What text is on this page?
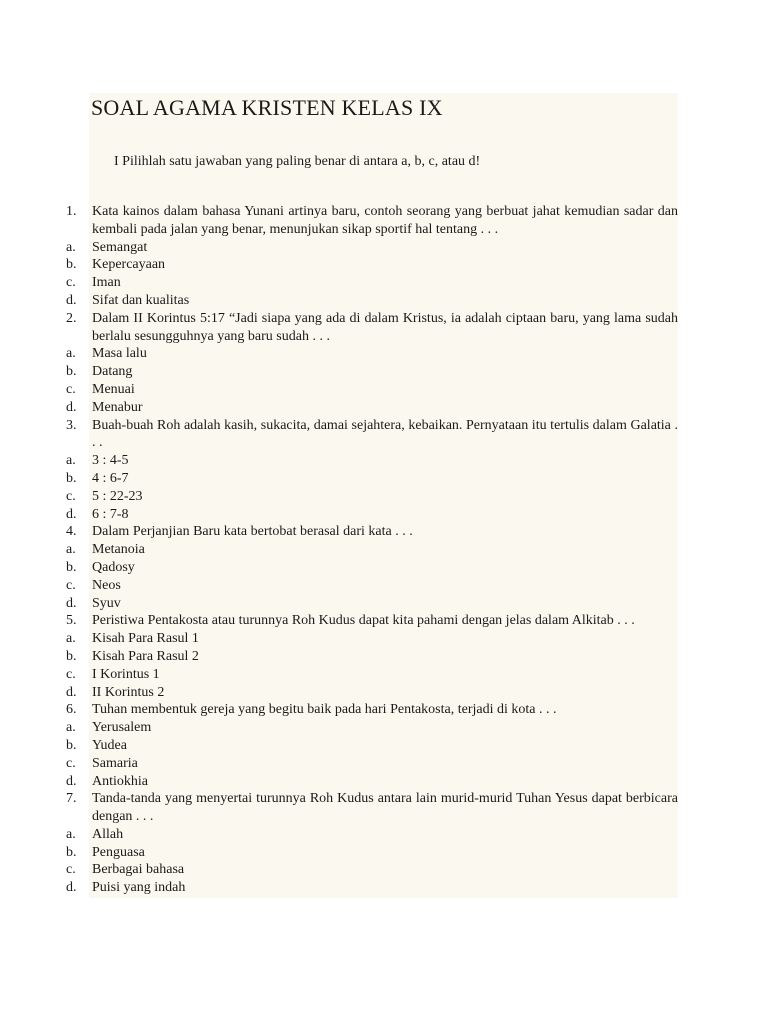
SOAL AGAMA KRISTEN KELAS IX
I Pilihlah satu jawaban yang paling benar di antara a, b, c, atau d!
1.	Kata kainos dalam bahasa Yunani artinya baru, contoh seorang yang berbuat jahat kemudian sadar dan kembali pada jalan yang benar, menunjukan sikap sportif hal tentang . . .
a.	Semangat
b.	Kepercayaan
c.	Iman
d.	Sifat dan kualitas
2.	Dalam II Korintus 5:17 “Jadi siapa yang ada di dalam Kristus, ia adalah ciptaan baru, yang lama sudah berlalu sesungguhnya yang baru sudah . . .
a.	Masa lalu
b.	Datang
c.	Menuai
d.	Menabur
3.	Buah-buah Roh adalah kasih, sukacita, damai sejahtera, kebaikan. Pernyataan itu tertulis dalam Galatia . . .
a.	3 : 4-5
b.	4 : 6-7
c.	5 : 22-23
d.	6 : 7-8
4.	Dalam Perjanjian Baru kata bertobat berasal dari kata . . .
a.	Metanoia
b.	Qadosy
c.	Neos
d.	Syuv
5.	Peristiwa Pentakosta atau turunnya Roh Kudus dapat kita pahami dengan jelas dalam Alkitab . . .
a.	Kisah Para Rasul 1
b.	Kisah Para Rasul 2
c.	I Korintus 1
d.	II Korintus 2
6.	Tuhan membentuk gereja yang begitu baik pada hari Pentakosta, terjadi di kota . . .
a.	Yerusalem
b.	Yudea
c.	Samaria
d.	Antiokhia
7.	Tanda-tanda yang menyertai turunnya Roh Kudus antara lain murid-murid Tuhan Yesus dapat berbicara dengan . . .
a.	Allah
b.	Penguasa
c.	Berbagai bahasa
d.	Puisi yang indah
